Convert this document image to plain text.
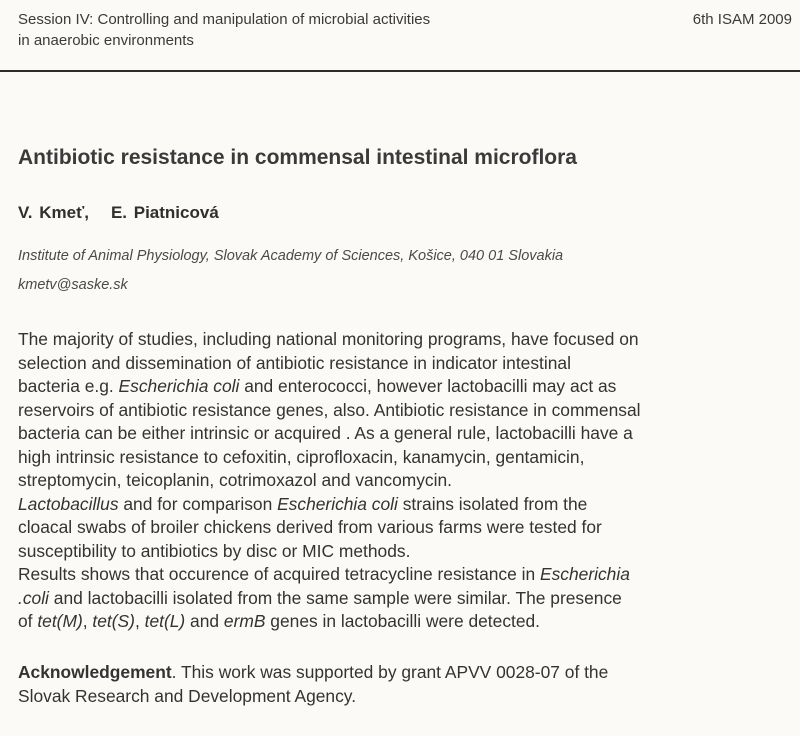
Session IV: Controlling and manipulation of microbial activities
in anaerobic environments
6th ISAM 2009
Antibiotic resistance in commensal intestinal microflora
V. Kmeť, E. Piatnicová
Institute of Animal Physiology, Slovak Academy of Sciences, Košice, 040 01 Slovakia
kmetv@saske.sk
The majority of studies, including national monitoring programs, have focused on
selection and dissemination of antibiotic resistance in indicator intestinal
bacteria e.g. Escherichia coli and enterococci, however lactobacilli may act as
reservoirs of antibiotic resistance genes, also. Antibiotic resistance in commensal
bacteria can be either intrinsic or acquired . As a general rule, lactobacilli have a
high intrinsic resistance to cefoxitin, ciprofloxacin, kanamycin, gentamicin,
streptomycin, teicoplanin, cotrimoxazol and vancomycin.
Lactobacillus and for comparison Escherichia coli strains isolated from the
cloacal swabs of broiler chickens derived from various farms were tested for
susceptibility to antibiotics by disc or MIC methods.
Results shows that occurence of acquired tetracycline resistance in Escherichia
.coli and lactobacilli isolated from the same sample were similar. The presence
of tet(M), tet(S), tet(L) and ermB genes in lactobacilli were detected.
Acknowledgement. This work was supported by grant APVV 0028-07 of the
Slovak Research and Development Agency.
